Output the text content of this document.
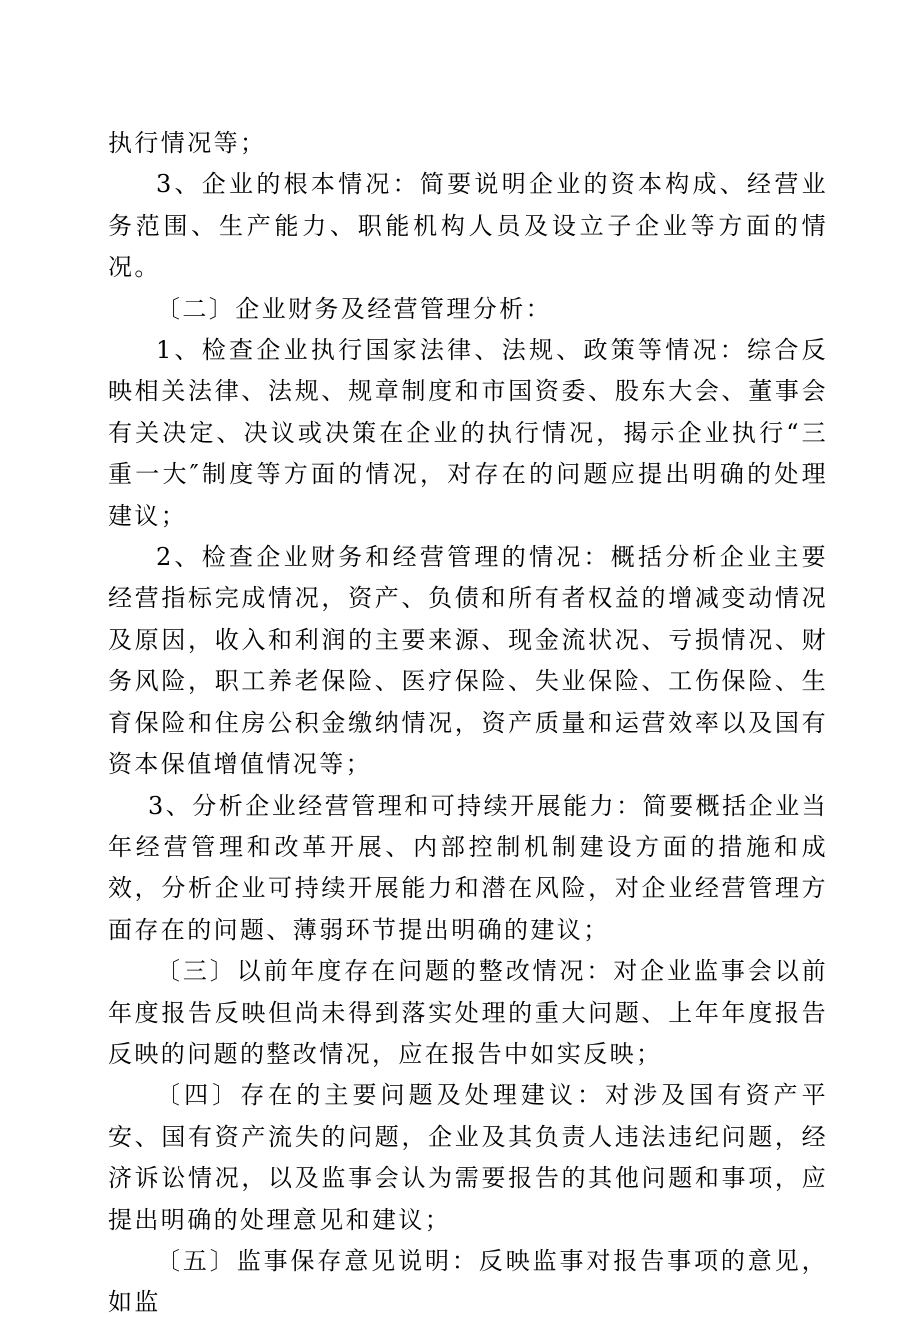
执行情况等；

3、企业的根本情况：简要说明企业的资本构成、经营业务范围、生产能力、职能机构人员及设立子企业等方面的情况。

〔二〕企业财务及经营管理分析：

1、检查企业执行国家法律、法规、政策等情况：综合反映相关法律、法规、规章制度和市国资委、股东大会、董事会有关决定、决议或决策在企业的执行情况，揭示企业执行“三重一大″制度等方面的情况，对存在的问题应提出明确的处理建议；

2、检查企业财务和经营管理的情况：概括分析企业主要经营指标完成情况，资产、负债和所有者权益的增减变动情况及原因，收入和利润的主要来源、现金流状况、亏损情况、财务风险，职工养老保险、医疗保险、失业保险、工伤保险、生育保险和住房公积金缴纳情况，资产质量和运营效率以及国有资本保值增值情况等；

3、分析企业经营管理和可持续开展能力：简要概括企业当年经营管理和改革开展、内部控制机制建设方面的措施和成效，分析企业可持续开展能力和潜在风险，对企业经营管理方面存在的问题、薄弱环节提出明确的建议；

〔三〕以前年度存在问题的整改情况：对企业监事会以前年度报告反映但尚未得到落实处理的重大问题、上年年度报告反映的问题的整改情况，应在报告中如实反映；

〔四〕存在的主要问题及处理建议：对涉及国有资产平安、国有资产流失的问题，企业及其负责人违法违纪问题，经济诉讼情况，以及监事会认为需要报告的其他问题和事项，应提出明确的处理意见和建议；

〔五〕监事保存意见说明：反映监事对报告事项的意见，如监
